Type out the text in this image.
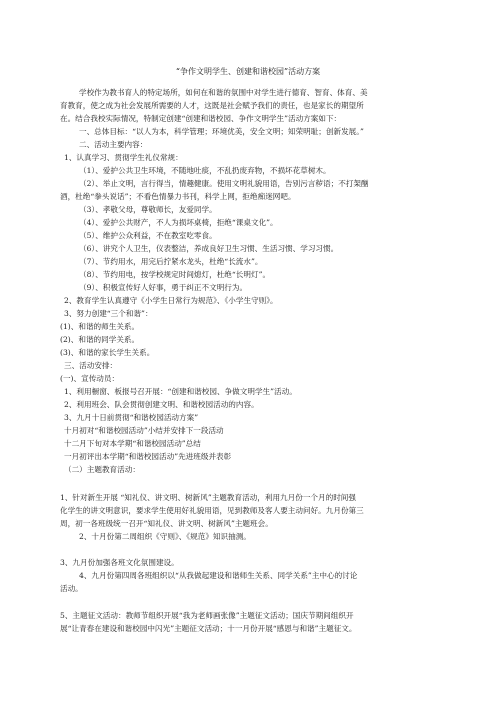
“争作文明学生、创建和谐校园”活动方案
学校作为教书育人的特定场所，如何在和谐的氛围中对学生进行德育、智育、体育、美
育教育，使之成为社会发展所需要的人才，这既是社会赋予我们的责任，也是家长的期望所
在。结合我校实际情况，特制定创建“创建和谐校园、争作文明学生”活动方案如下：
一、总体目标：“以人为本，科学管理；环境优美，安全文明；知荣明耻；创新发展。”
二、活动主要内容：
1、认真学习、贯彻学生礼仪常规：
（1）、爱护公共卫生环境，不随地吐痰，不乱扔废弃物，不损坏花草树木。
（2）、举止文明，言行得当，情趣健康。使用文明礼貌用语，告别污言秽语；不打架酗
酒，杜绝“拳头说话”；不看色情暴力书刊，科学上网，拒绝痴迷网吧。
（3）、孝敬父母，尊敬师长，友爱同学。
（4）、爱护公共财产，不人为损坏桌椅，拒绝“课桌文化”。
（5）、维护公众利益，不在教室吃零食。
（6）、讲究个人卫生，仪表整洁，养成良好卫生习惯、生活习惯、学习习惯。
（7）、节约用水，用完后拧紧水龙头，杜绝“长流水”。
（8）、节约用电，按学校规定时间熄灯，杜绝“长明灯”。
（9）、积极宣传好人好事，勇于纠正不文明行为。
2、教育学生认真遵守《小学生日常行为规范》、《小学生守则》。
3、努力创建“三个和谐”：
(1)、和谐的师生关系。
(2)、和谐的同学关系。
(3)、和谐的家长学生关系。
三、活动安排：
(一)、宣传动员：
1、利用橱窗、板报号召开展：“创建和谐校园、争做文明学生”活动。
2、利用班会、队会贯彻创建文明、和谐校园活动的内容。
3、九月十日前贯彻“和谐校园活动方案”
十月初对“和谐校园活动”小结并安排下一段活动
十二月下旬对本学期“和谐校园活动”总结
一月初评出本学期“和谐校园活动”先进班级并表彰
（二）主题教育活动：
1、针对新生开展 “知礼仪、讲文明、树新风”主题教育活动，利用九月份一个月的时间强
化学生的讲文明意识，要求学生使用好礼貌用语，见到教师及客人要主动问好。九月份第三
周，初一各班级统一召开“知礼仪、讲文明、树新风”主题班会。
2、十月份第二周组织《守则》、《规范》知识抽测。
3、九月份加强各班文化氛围建设。
4、九月份第四周各班组织以“从我做起建设和谐师生关系、同学关系”主中心的讨论
活动。
5、主题征文活动：教师节组织开展“我为老师画张像”主题征文活动；国庆节期间组织开
展“让青春在建设和谐校园中闪光”主题征文活动；十一月份开展“感恩与和谐”主题征文。
